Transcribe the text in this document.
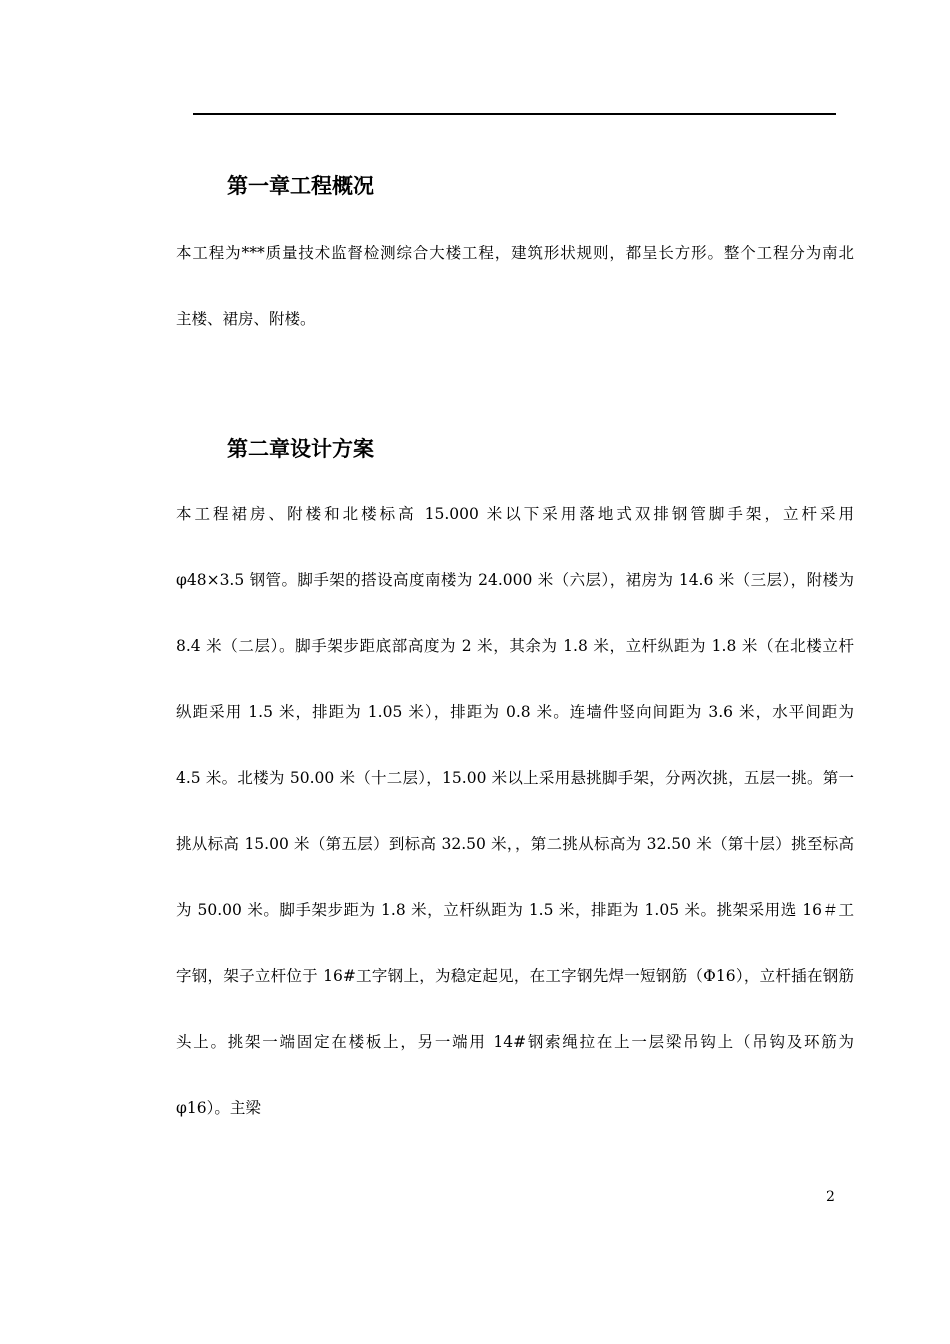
第一章工程概况
本工程为***质量技术监督检测综合大楼工程，建筑形状规则，都呈长方形。整个工程分为南北
主楼、裙房、附楼。
第二章设计方案
本工程裙房、附楼和北楼标高 15.000 米以下采用落地式双排钢管脚手架，立杆采用
φ48×3.5 钢管。脚手架的搭设高度南楼为 24.000 米（六层），裙房为 14.6 米（三层），附楼为
8.4 米（二层）。脚手架步距底部高度为 2 米，其余为 1.8 米，立杆纵距为 1.8 米（在北楼立杆
纵距采用 1.5 米，排距为 1.05 米），排距为 0.8 米。连墙件竖向间距为 3.6 米，水平间距为
4.5 米。北楼为 50.00 米（十二层），15.00 米以上采用悬挑脚手架，分两次挑，五层一挑。第一
挑从标高 15.00 米（第五层）到标高 32.50 米，，第二挑从标高为 32.50 米（第十层）挑至标高
为 50.00 米。脚手架步距为 1.8 米，立杆纵距为 1.5 米，排距为 1.05 米。挑架采用选 16＃工
字钢，架子立杆位于 16#工字钢上，为稳定起见，在工字钢先焊一短钢筋（Φ16），立杆插在钢筋
头上。挑架一端固定在楼板上，另一端用 14#钢索绳拉在上一层梁吊钩上（吊钩及环筋为
φ16）。主梁
2
